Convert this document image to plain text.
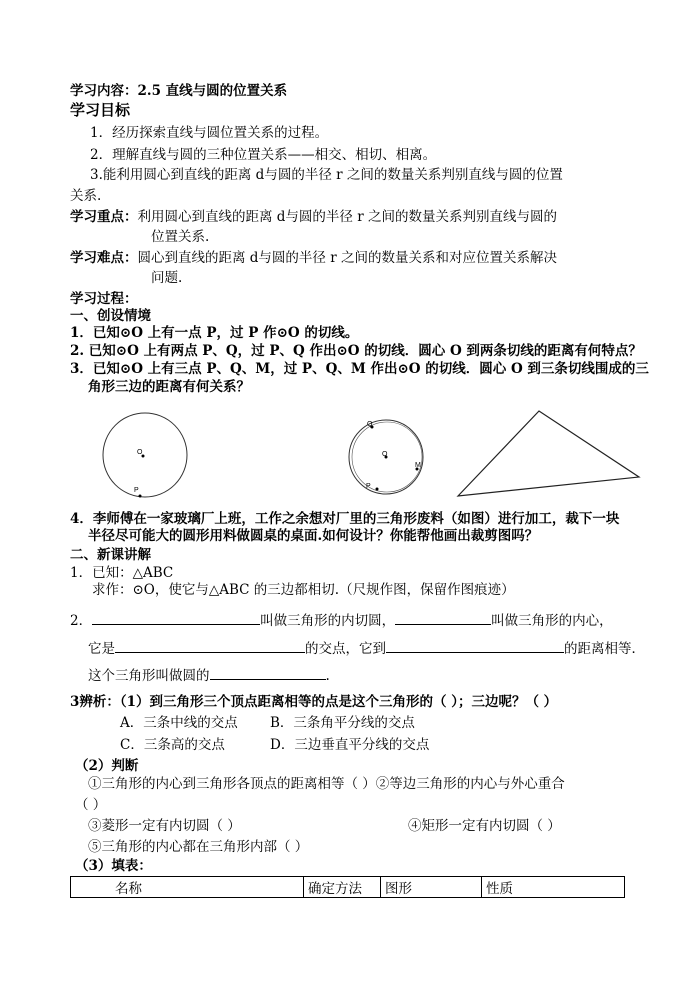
学习内容：2.5 直线与圆的位置关系
学习目标
1．经历探索直线与圆位置关系的过程。
2．理解直线与圆的三种位置关系——相交、相切、相离。
3.能利用圆心到直线的距离 d与圆的半径 r 之间的数量关系判别直线与圆的位置
关系.
学习重点：利用圆心到直线的距离 d与圆的半径 r 之间的数量关系判别直线与圆的
位置关系.
学习难点：圆心到直线的距离 d与圆的半径 r 之间的数量关系和对应位置关系解决
问题.
学习过程：
一、创设情境
1．已知⊙O 上有一点 P，过 P 作⊙O 的切线。
2. 已知⊙O 上有两点 P、Q，过 P、Q 作出⊙O 的切线．圆心 O 到两条切线的距离有何特点？
3．已知⊙O 上有三点 P、Q、M，过 P、Q、M 作出⊙O 的切线．圆心 O 到三条切线围成的三
角形三边的距离有何关系？
O
P
O
Q
P
M
4．李师傅在一家玻璃厂上班，工作之余想对厂里的三角形废料（如图）进行加工，裁下一块
半径尽可能大的圆形用料做圆桌的桌面.如何设计？你能帮他画出裁剪图吗？
二、新课讲解
1．已知：△ABC
求作：⊙O，使它与△ABC 的三边都相切.（尺规作图，保留作图痕迹）
2．	叫做三角形的内切圆，	叫做三角形的内心，
它是	的交点，它到	的距离相等．
这个三角形叫做圆的	.
3辨析：（1）到三角形三个顶点距离相等的点是这个三角形的（ ）；三边呢？（ ）
A．三条中线的交点 B．三条角平分线的交点
C．三条高的交点	D．三边垂直平分线的交点
（2）判断
①三角形的内心到三角形各顶点的距离相等（ ）②等边三角形的内心与外心重合
（ ）
③菱形一定有内切圆（ ）	④矩形一定有内切圆（ ）
⑤三角形的内心都在三角形内部（ ）
（3）填表：
名称	确定方法	图形	性质
